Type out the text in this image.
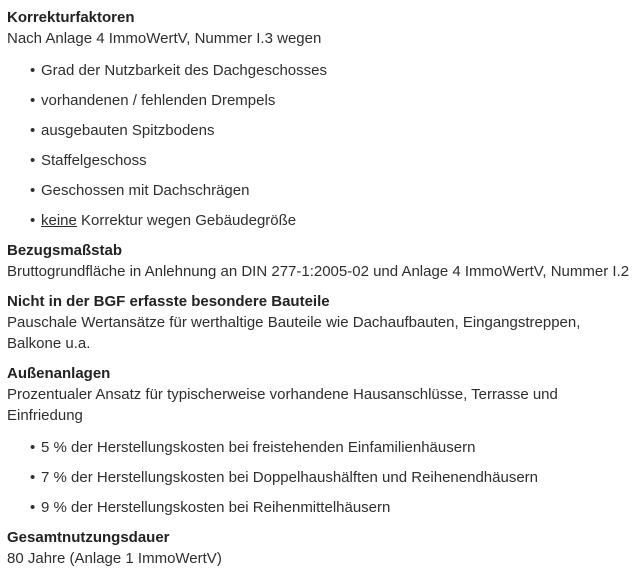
Korrekturfaktoren

Nach Anlage 4 ImmoWertV, Nummer I.3 wegen

• Grad der Nutzbarkeit des Dachgeschosses
• vorhandenen / fehlenden Drempels
• ausgebauten Spitzbodens
• Staffelgeschoss
• Geschossen mit Dachschrägen
• keine Korrektur wegen Gebäudegröße
Bezugsmaßstab

Bruttogrundfläche in Anlehnung an DIN 277-1:2005-02 und Anlage 4 ImmoWertV, Nummer I.2

Nicht in der BGF erfasste besondere Bauteile

Pauschale Wertansätze für werthaltige Bauteile wie Dachaufbauten, Eingangstreppen, Balkone u.a.

Außenanlagen

Prozentualer Ansatz für typischerweise vorhandene Hausanschlüsse, Terrasse und Einfriedung

• 5 % der Herstellungskosten bei freistehenden Einfamilienhäusern
• 7 % der Herstellungskosten bei Doppelhaushälften und Reihenendhäusern
• 9 % der Herstellungskosten bei Reihenmittelhäusern
Gesamtnutzungsdauer

80 Jahre (Anlage 1 ImmoWertV)
